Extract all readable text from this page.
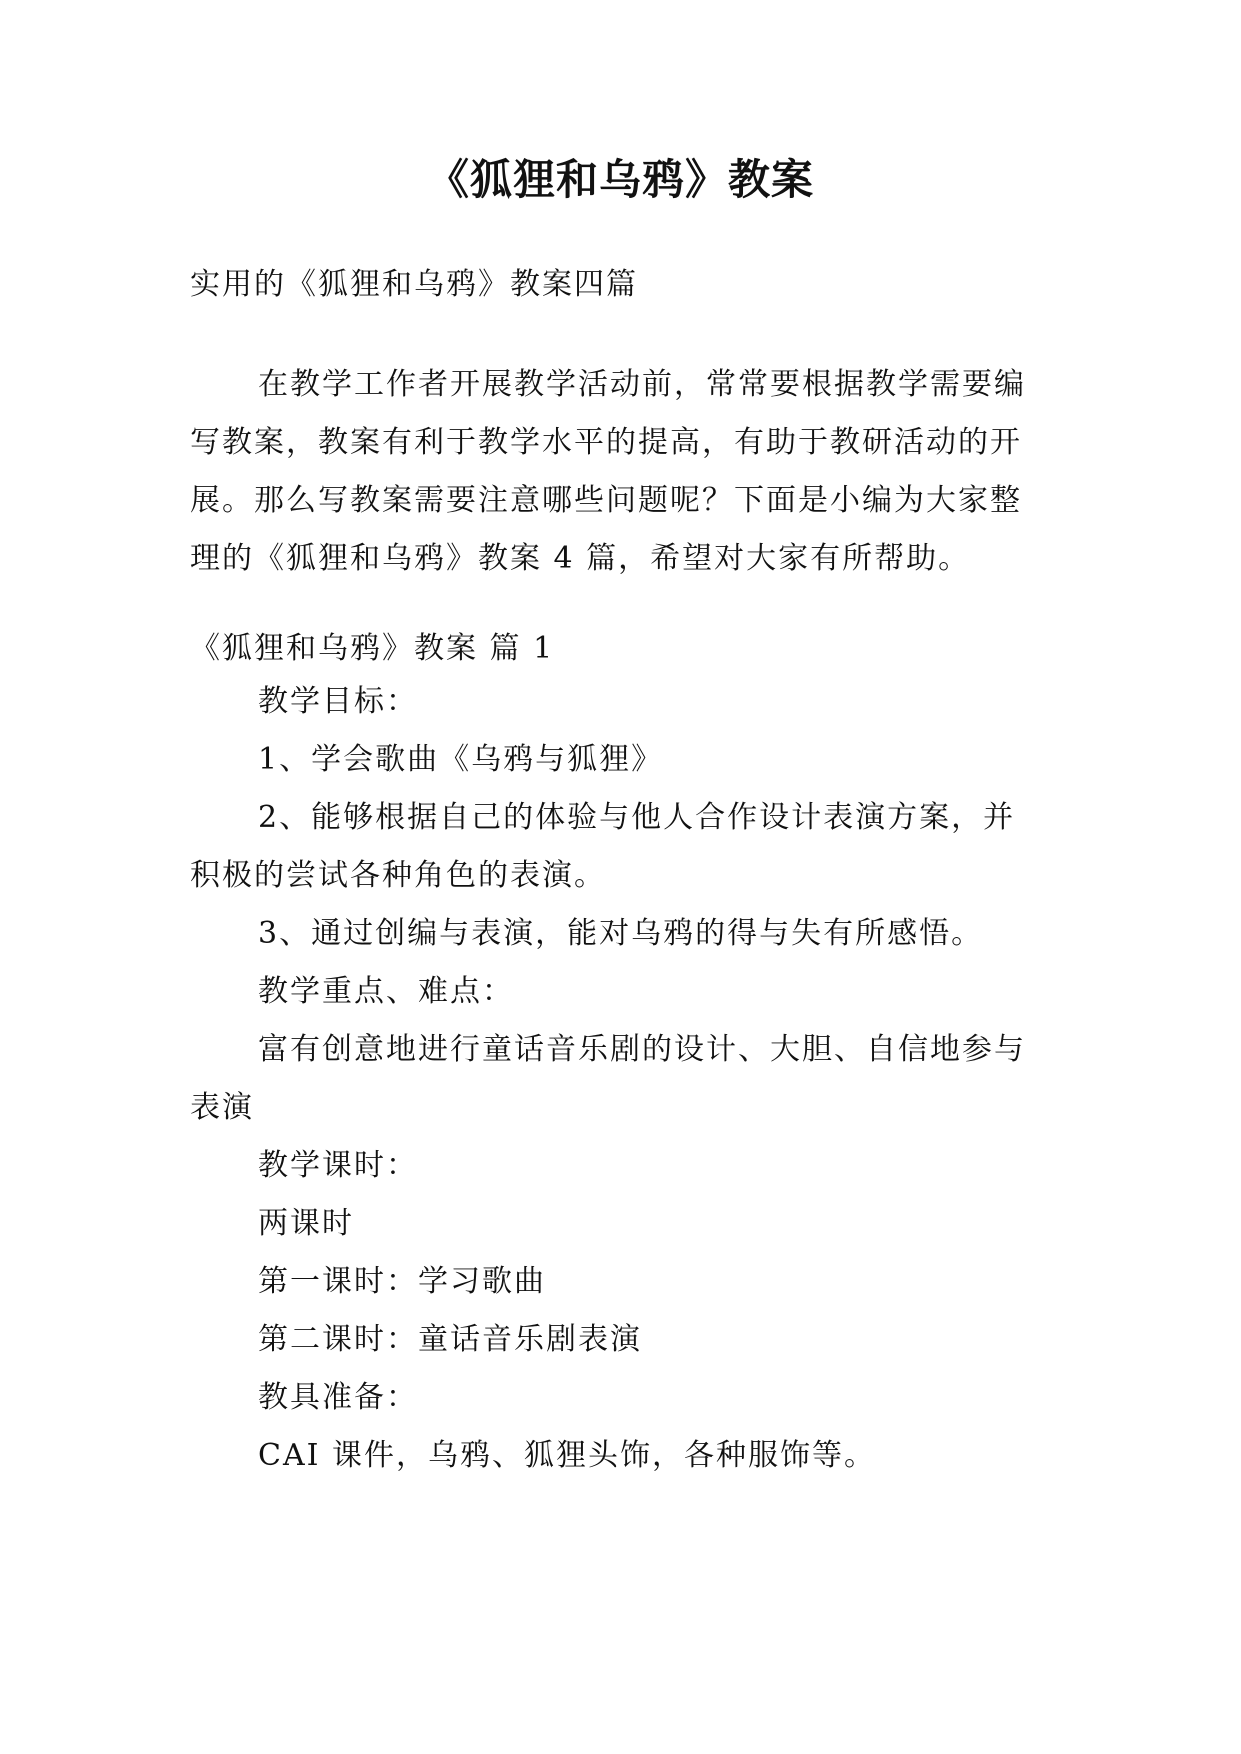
《狐狸和乌鸦》教案
实用的《狐狸和乌鸦》教案四篇
在教学工作者开展教学活动前，常常要根据教学需要编
写教案，教案有利于教学水平的提高，有助于教研活动的开
展。那么写教案需要注意哪些问题呢？下面是小编为大家整
理的《狐狸和乌鸦》教案 4 篇，希望对大家有所帮助。
《狐狸和乌鸦》教案 篇 1
教学目标：
1、学会歌曲《乌鸦与狐狸》
2、能够根据自己的体验与他人合作设计表演方案，并
积极的尝试各种角色的表演。
3、通过创编与表演，能对乌鸦的得与失有所感悟。
教学重点、难点：
富有创意地进行童话音乐剧的设计、大胆、自信地参与
表演
教学课时：
两课时
第一课时：学习歌曲
第二课时：童话音乐剧表演
教具准备：
CAI 课件，乌鸦、狐狸头饰，各种服饰等。
